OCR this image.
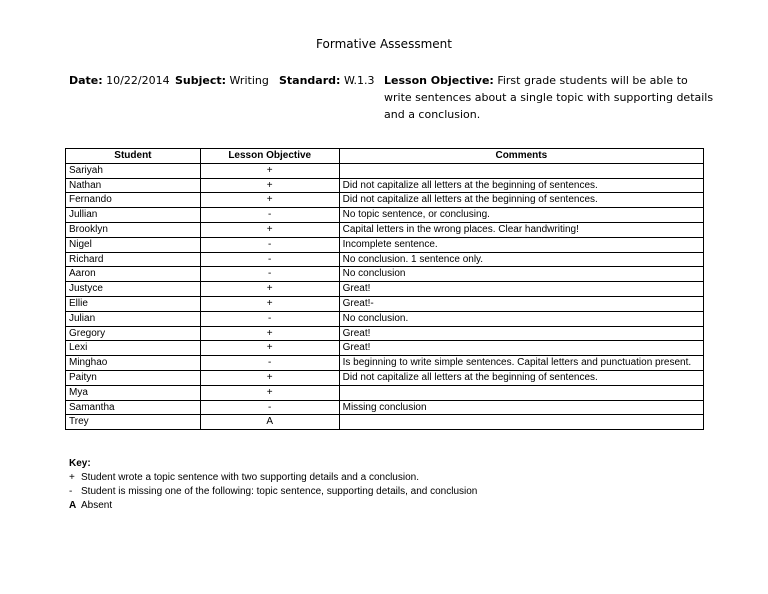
Formative Assessment
Date: 10/22/2014 Subject: Writing Standard: W.1.3 Lesson Objective: First grade students will be able to write sentences about a single topic with supporting details and a conclusion.
Student	Lesson Objective	Comments
Sariyah	+	
Nathan	+	Did not capitalize all letters at the beginning of sentences.
Fernando	+	Did not capitalize all letters at the beginning of sentences.
Jullian	-	No topic sentence, or conclusing.
Brooklyn	+	Capital letters in the wrong places. Clear handwriting!
Nigel	-	Incomplete sentence.
Richard	-	No conclusion. 1 sentence only.
Aaron	-	No conclusion
Justyce	+	Great!
Ellie	+	Great!-
Julian	-	No conclusion.
Gregory	+	Great!
Lexi	+	Great!
Minghao	-	Is beginning to write simple sentences. Capital letters and punctuation present.
Paityn	+	Did not capitalize all letters at the beginning of sentences.
Mya	+	
Samantha	-	Missing conclusion
Trey	A	
Key:
+ Student wrote a topic sentence with two supporting details and a conclusion.
- Student is missing one of the following: topic sentence, supporting details, and conclusion
A Absent
